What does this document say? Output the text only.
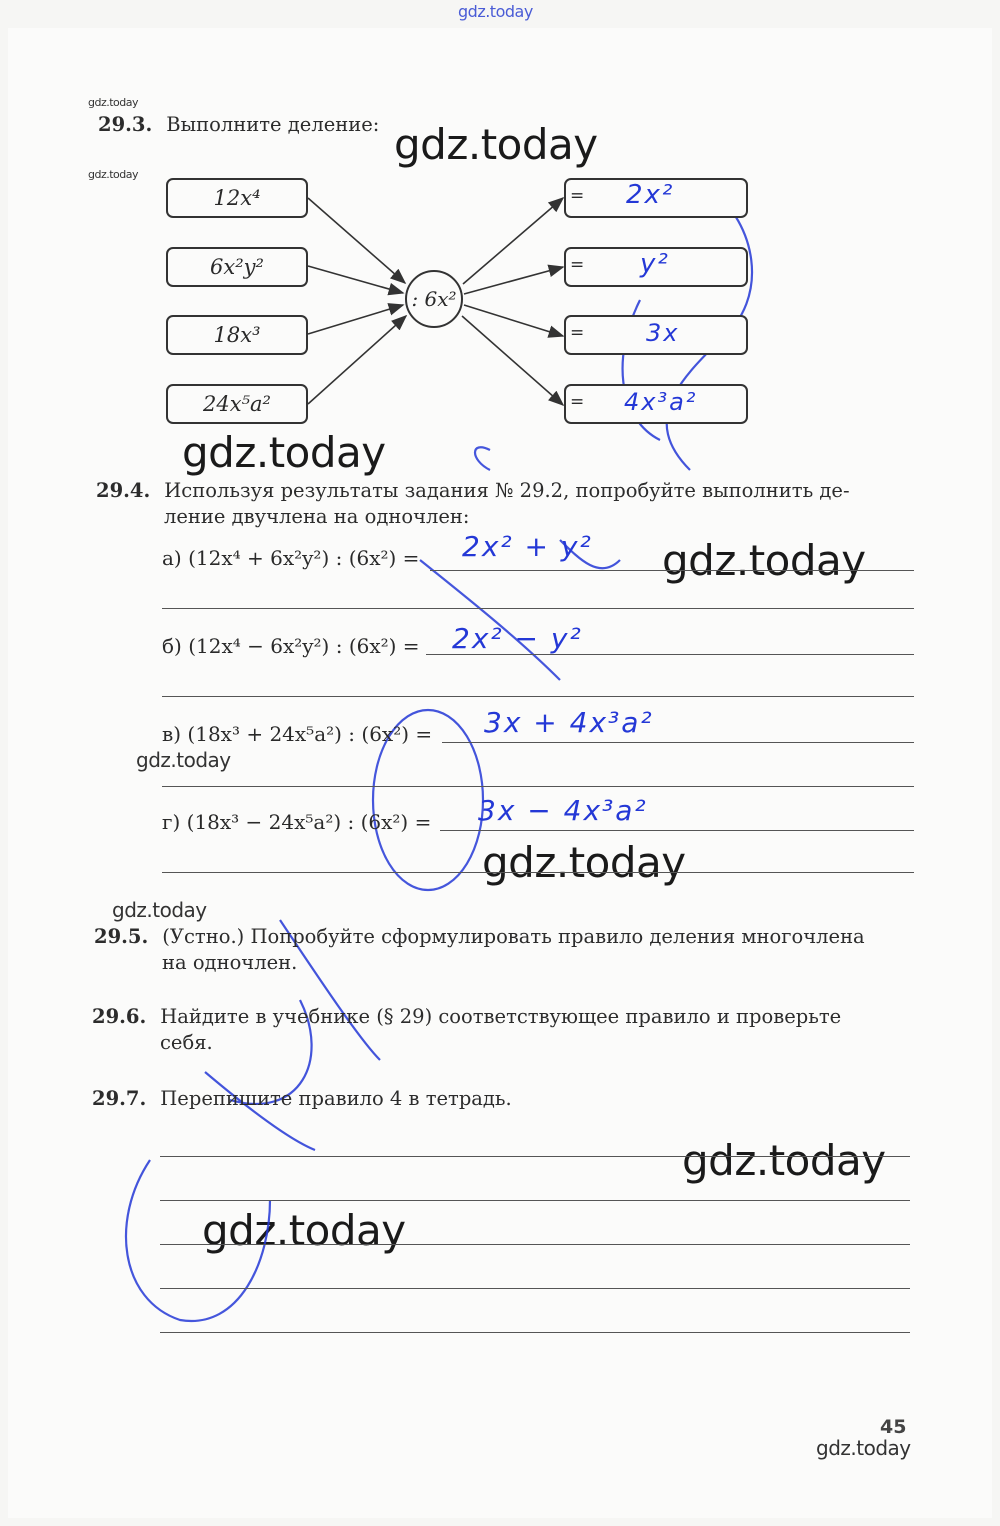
gdz.today
gdz.today
gdz.today
gdz.today
gdz.today
gdz.today
gdz.today
gdz.today
gdz.today
gdz.today
gdz.today
gdz.today
29.3. Выполните деление:
12x⁴
6x²y²
18x³
24x⁵a²
: 6x²
= 2x²
= y²
=	3x
= 4x³a²
29.4. Используя результаты задания № 29.2, попробуйте выполнить де-
ление двучлена на одночлен:
а) (12x⁴ + 6x²y²) : (6x²) = 2x² + y²
б) (12x⁴ − 6x²y²) : (6x²) = 2x² − y²
в) (18x³ + 24x⁵a²) : (6x²) = 3x + 4x³a²
г) (18x³ − 24x⁵a²) : (6x²) = 3x − 4x³a²
29.5. (Устно.) Попробуйте сформулировать правило деления многочлена
на одночлен.
29.6. Найдите в учебнике (§ 29) соответствующее правило и проверьте
себя.
29.7. Перепишите правило 4 в тетрадь.
45
